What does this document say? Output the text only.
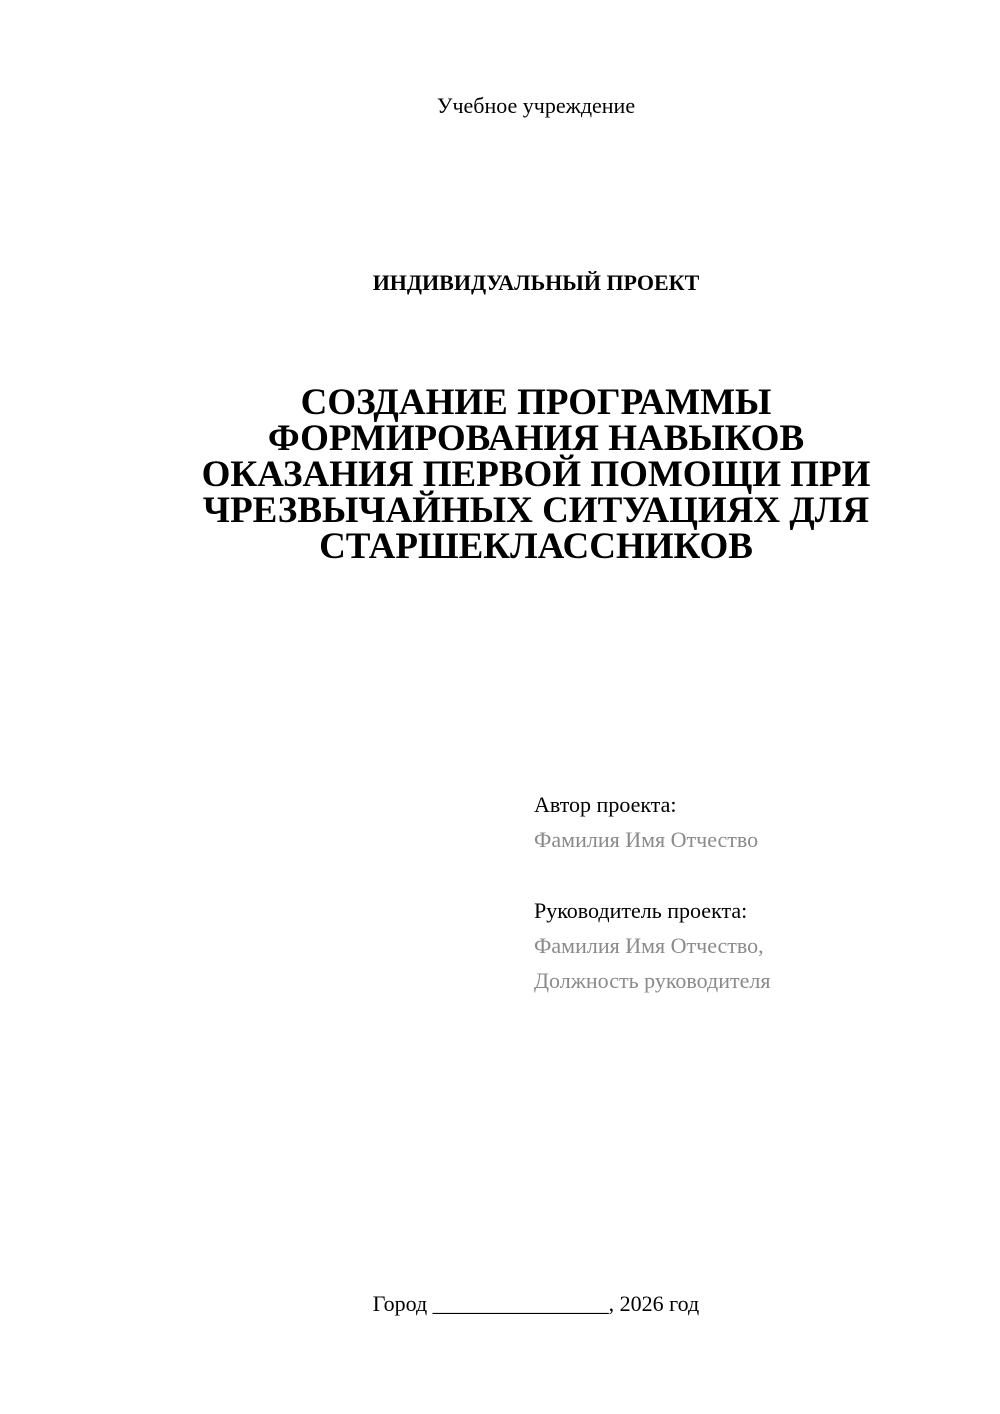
Учебное учреждение
ИНДИВИДУАЛЬНЫЙ ПРОЕКТ
СОЗДАНИЕ ПРОГРАММЫ
ФОРМИРОВАНИЯ НАВЫКОВ
ОКАЗАНИЯ ПЕРВОЙ ПОМОЩИ ПРИ
ЧРЕЗВЫЧАЙНЫХ СИТУАЦИЯХ ДЛЯ
СТАРШЕКЛАССНИКОВ
Автор проекта:
Фамилия Имя Отчество
Руководитель проекта:
Фамилия Имя Отчество,
Должность руководителя
Город ________________, 2026 год
